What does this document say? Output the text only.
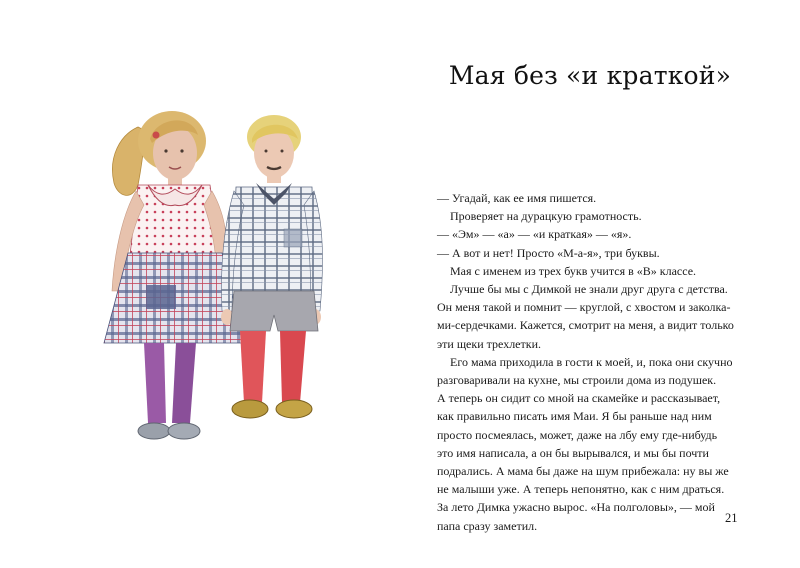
Мая без «и краткой»
— Угадай, как ее имя пишется.
Проверяет на дурацкую грамотность.
— «Эм» — «а» — «и краткая» — «я».
— А вот и нет! Просто «М-а-я», три буквы.
Мая с именем из трех букв учится в «В» классе.
Лучше бы мы с Димкой не знали друг друга с детства.
Он меня такой и помнит — круглой, с хвостом и заколка-
ми-сердечками. Кажется, смотрит на меня, а видит только
эти щеки трехлетки.
Его мама приходила в гости к моей, и, пока они скучно
разговаривали на кухне, мы строили дома из подушек.
А теперь он сидит со мной на скамейке и рассказывает,
как правильно писать имя Маи. Я бы раньше над ним
просто посмеялась, может, даже на лбу ему где-нибудь
это имя написала, а он бы вырывался, и мы бы почти
подрались. А мама бы даже на шум прибежала: ну вы же
не малыши уже. А теперь непонятно, как с ним драться.
За лето Димка ужасно вырос. «На полголовы», — мой
папа сразу заметил.
21
